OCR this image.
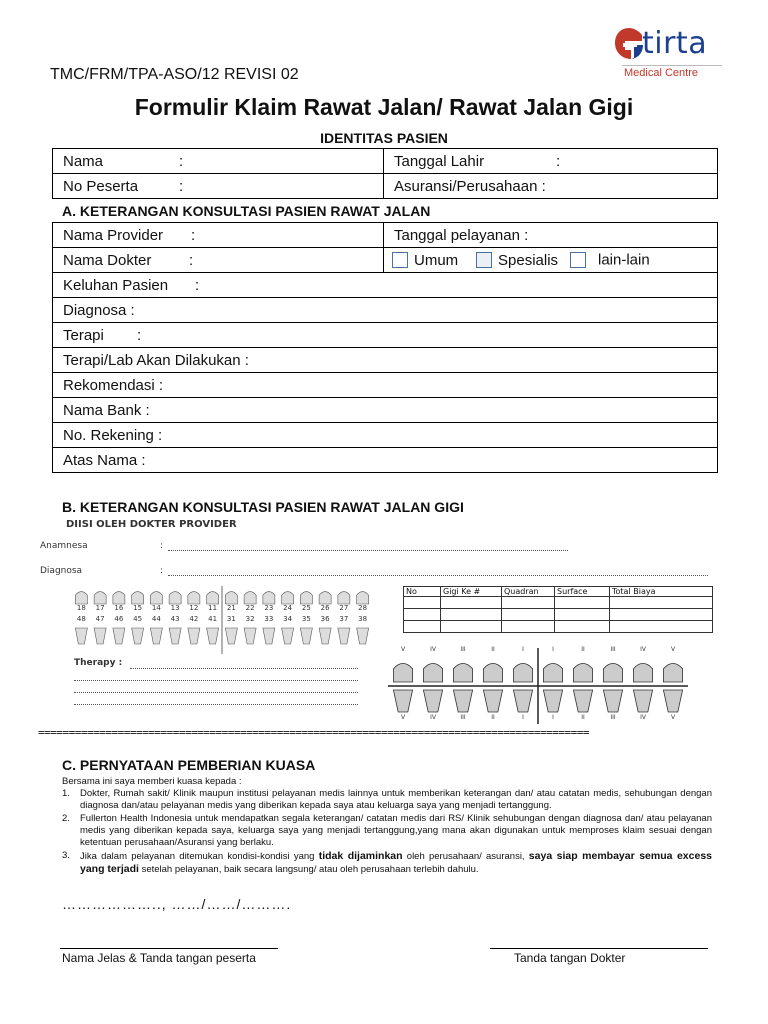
tirta
Medical Centre
TMC/FRM/TPA-ASO/12 REVISI 02
Formulir Klaim Rawat Jalan/ Rawat Jalan Gigi
IDENTITAS PASIEN
Nama :	Tanggal Lahir :
No Peserta :	Asuransi/Perusahaan :
A. KETERANGAN KONSULTASI PASIEN RAWAT JALAN
Nama Provider :	Tanggal pelayanan :
Nama Dokter :	Umum Spesialis lain-lain
Keluhan Pasien :	
Diagnosa :	
Terapi :	
Terapi/Lab Akan Dilakukan :	
Rekomendasi :	
Nama Bank :	
No. Rekening :	
Atas Nama :	
B. KETERANGAN KONSULTASI PASIEN RAWAT JALAN GIGI
DIISI OLEH DOKTER PROVIDER
Anamnesa	:
Diagnosa	:
18	17	16	15	14	13	12	11	21	22	23	24	25	26	27	28
48	47	46	45	44	43	42	41	31	32	33	34	35	36	37	38
No	Gigi Ke #	Quadran	Surface	Total Biaya

Therapy :
V	IV	III	II	I	I	II	III	IV	V
V	IV	III	II	I	I	II	III	IV	V
==========================================================================================
C. PERNYATAAN PEMBERIAN KUASA
Bersama ini saya memberi kuasa kepada :
1. Dokter, Rumah sakit/ Klinik maupun institusi pelayanan medis lainnya untuk memberikan keterangan dan/ atau catatan medis, sehubungan dengan diagnosa dan/atau pelayanan medis yang diberikan kepada saya atau keluarga saya yang menjadi tertanggung.
2. Fullerton Health Indonesia untuk mendapatkan segala keterangan/ catatan medis dari RS/ Klinik sehubungan dengan diagnosa dan/ atau pelayanan medis yang diberikan kepada saya, keluarga saya yang menjadi tertanggung,yang mana akan digunakan untuk memproses klaim sesuai dengan ketentuan perusahaan/Asuransi yang berlaku.
3. Jika dalam pelayanan ditemukan kondisi-kondisi yang tidak dijaminkan oleh perusahaan/ asuransi, saya siap membayar semua excess yang terjadi setelah pelayanan, baik secara langsung/ atau oleh perusahaan terlebih dahulu.
……………….., ……/……/……….
Nama Jelas & Tanda tangan peserta	Tanda tangan Dokter
